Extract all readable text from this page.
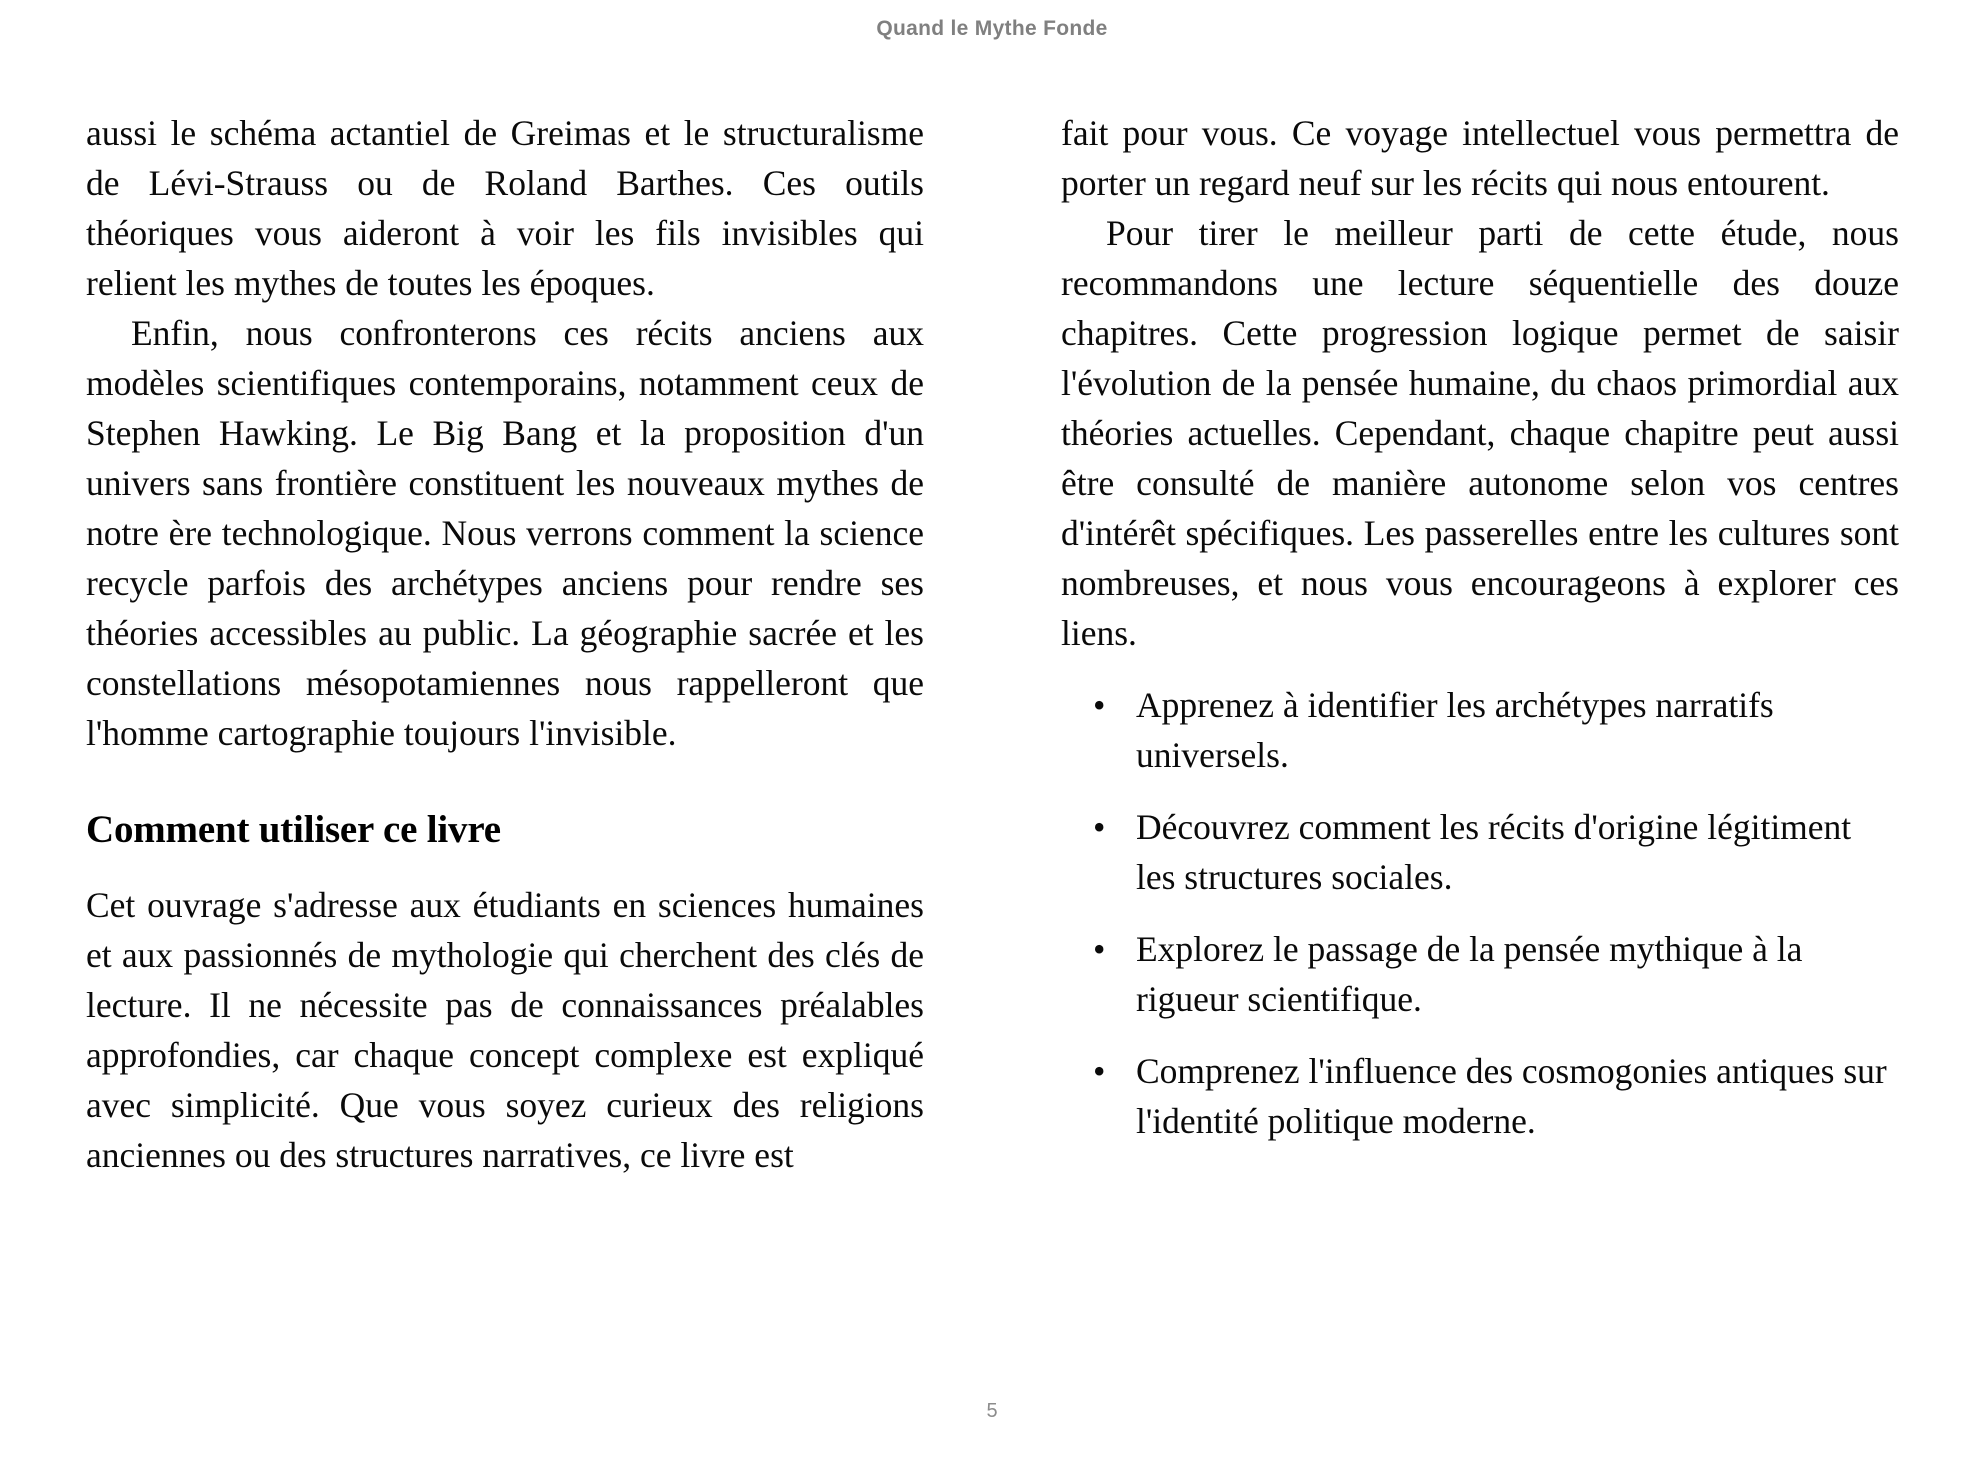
Quand le Mythe Fonde

aussi le schéma actantiel de Greimas et le structuralisme de Lévi-Strauss ou de Roland Barthes. Ces outils théoriques vous aideront à voir les fils invisibles qui relient les mythes de toutes les époques.

Enfin, nous confronterons ces récits anciens aux modèles scientifiques contemporains, notamment ceux de Stephen Hawking. Le Big Bang et la proposition d'un univers sans frontière constituent les nouveaux mythes de notre ère technologique. Nous verrons comment la science recycle parfois des archétypes anciens pour rendre ses théories accessibles au public. La géographie sacrée et les constellations mésopotamiennes nous rappelleront que l'homme cartographie toujours l'invisible.

Comment utiliser ce livre

Cet ouvrage s'adresse aux étudiants en sciences humaines et aux passionnés de mythologie qui cherchent des clés de lecture. Il ne nécessite pas de connaissances préalables approfondies, car chaque concept complexe est expliqué avec simplicité. Que vous soyez curieux des religions anciennes ou des structures narratives, ce livre est

fait pour vous. Ce voyage intellectuel vous permettra de porter un regard neuf sur les récits qui nous entourent.

Pour tirer le meilleur parti de cette étude, nous recommandons une lecture séquentielle des douze chapitres. Cette progression logique permet de saisir l'évolution de la pensée humaine, du chaos primordial aux théories actuelles. Cependant, chaque chapitre peut aussi être consulté de manière autonome selon vos centres d'intérêt spécifiques. Les passerelles entre les cultures sont nombreuses, et nous vous encourageons à explorer ces liens.

• Apprenez à identifier les archétypes narratifs universels.
• Découvrez comment les récits d'origine légitiment les structures sociales.
• Explorez le passage de la pensée mythique à la rigueur scientifique.
• Comprenez l'influence des cosmogonies antiques sur l'identité politique moderne.
5
